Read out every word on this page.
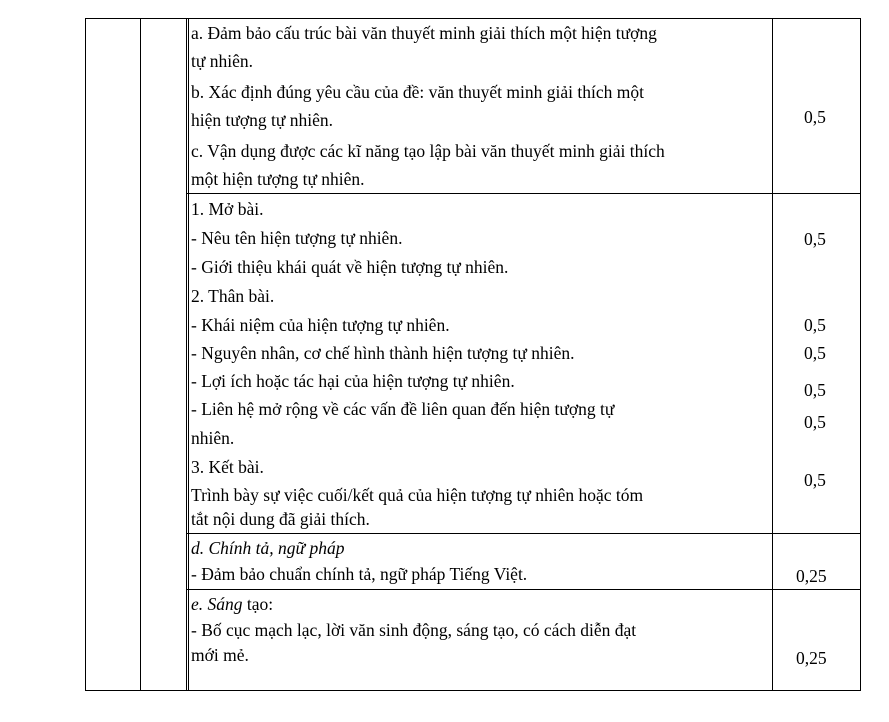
a. Đảm bảo cấu trúc bài văn thuyết minh giải thích một hiện tượng
tự nhiên.
b. Xác định đúng yêu cầu của đề: văn thuyết minh giải thích một
hiện tượng tự nhiên.
c. Vận dụng được các kĩ năng tạo lập bài văn thuyết minh giải thích
một hiện tượng tự nhiên.
0,5
1. Mở bài.
- Nêu tên hiện tượng tự nhiên.
- Giới thiệu khái quát về hiện tượng tự nhiên.
2. Thân bài.
- Khái niệm của hiện tượng tự nhiên.
- Nguyên nhân, cơ chế hình thành hiện tượng tự nhiên.
- Lợi ích hoặc tác hại của hiện tượng tự nhiên.
- Liên hệ mở rộng về các vấn đề liên quan đến hiện tượng tự
nhiên.
3. Kết bài.
Trình bày sự việc cuối/kết quả của hiện tượng tự nhiên hoặc tóm
tắt nội dung đã giải thích.
0,5
0,5
0,5
0,5
0,5
0,5
d. Chính tả, ngữ pháp
- Đảm bảo chuẩn chính tả, ngữ pháp Tiếng Việt.	0,25
e. Sáng tạo:
- Bố cục mạch lạc, lời văn sinh động, sáng tạo, có cách diễn đạt
mới mẻ.	0,25
